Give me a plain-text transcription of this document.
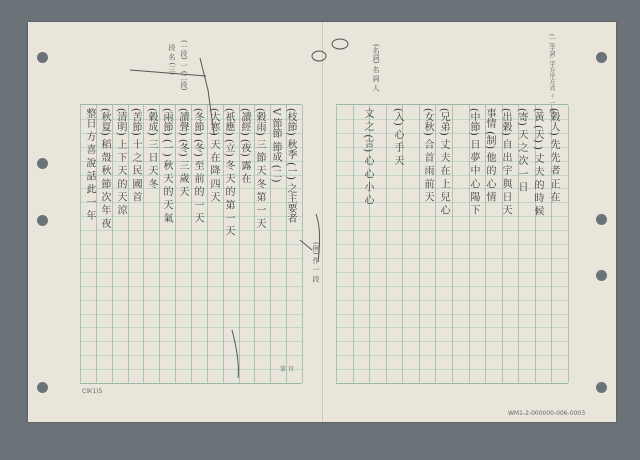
(枝節) 秋季 (一) 之主要者
V 節節 節成 (二)
(穀雨) 三 節 天 冬 第 一 天
(讀經) (夜) 露 在
(祇應) (立) 冬 天 的 第 一 天
(大寒) 天 在 降 四 天
(冬節) (冬) 至 前 的 一 天
(讀聲) (冬) 三 歲 天
(兩節) (一) 秋 天 的 天 氣
(穀成) 三 日 天 冬
(苦節) 十 之 民 國 首
(清明) 上 下 天 的 天 涼
(秋夏) 稻 殼 秋 節 次 年 夜
整日 方 喜 說 話 此 一 年	(穀人) 先 先 者 正 在
(黃 (天) ) 丈 夫 的 時 候
(寄) 天 之 次 一 日
(出穀) 自 出 宇 與 日 天
事情 (制) 他 的 心 情
(中節) 日 夢 中 心 陽 下
(兄弟) 丈 夫 在 上 兒 心
(女秋) 合 首 雨 前 天
(入) 心 手 天
文 之 (言) 心 心 小 心
(一段) 一 (二段)
段 名 (三)	(名詞) 名 詞 人
(例) 作 一 段
(一)字詞: 字方序方式 ㄔ 一 序
C9(1)5
第 頁
WM1-2-000000-006-0003
